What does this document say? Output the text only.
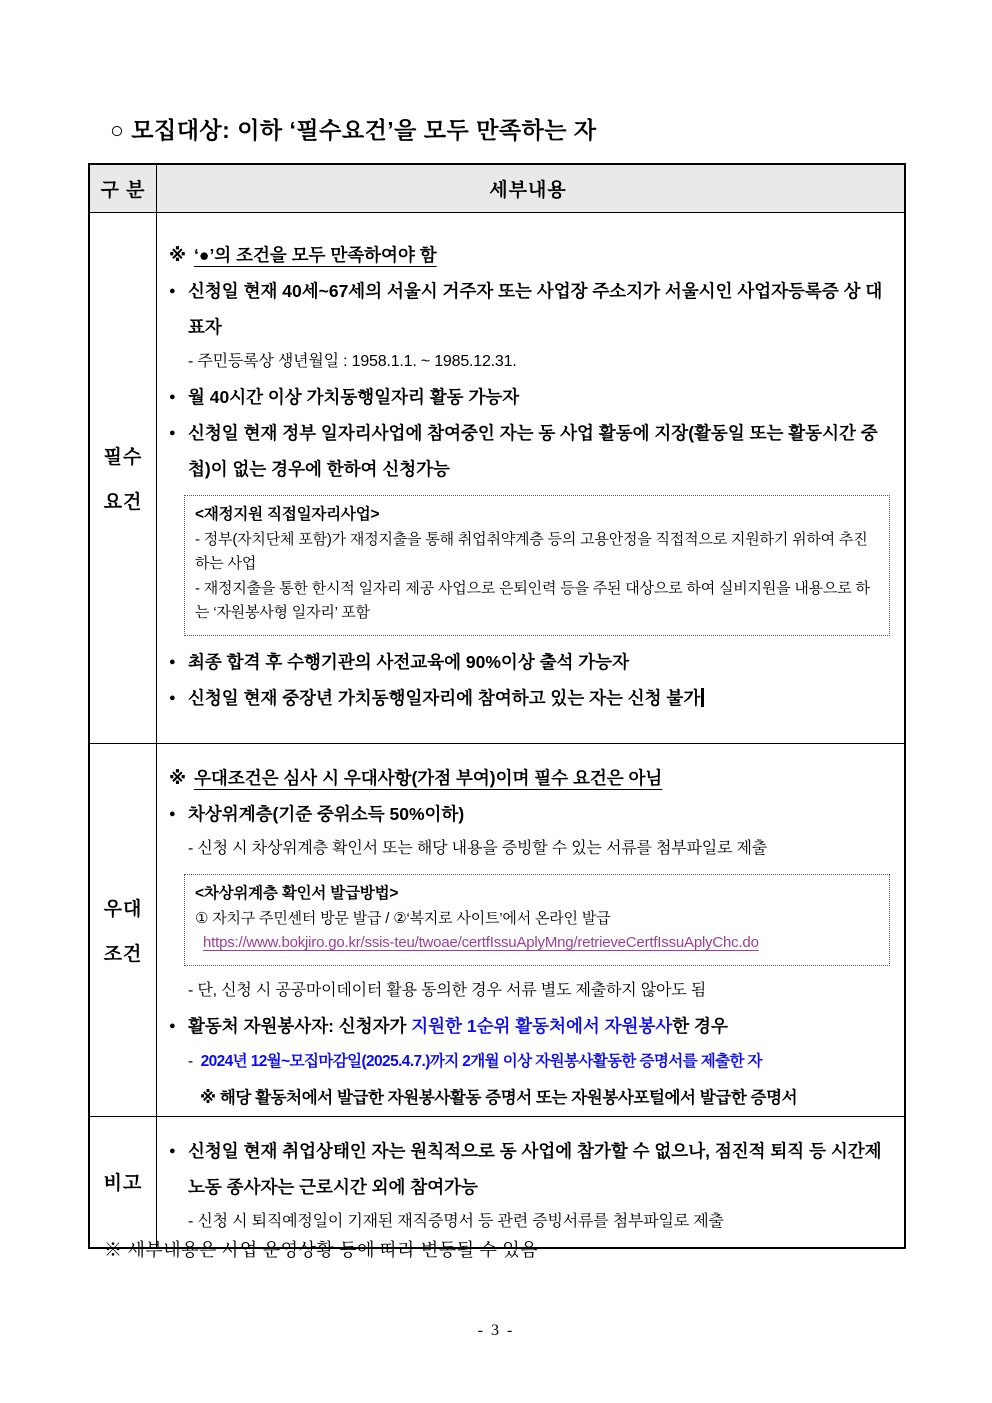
○ 모집대상: 이하 ‘필수요건’을 모두 만족하는 자
구 분	세부내용
필수
요건
※ ‘●’의 조건을 모두 만족하여야 함
● 신청일 현재 40세~67세의 서울시 거주자 또는 사업장 주소지가 서울시인 사업자등록증 상 대표자
- 주민등록상 생년월일 : 1958.1.1. ~ 1985.12.31.
● 월 40시간 이상 가치동행일자리 활동 가능자
● 신청일 현재 정부 일자리사업에 참여중인 자는 동 사업 활동에 지장(활동일 또는 활동시간 중첩)이 없는 경우에 한하여 신청가능
<재정지원 직접일자리사업>
- 정부(자치단체 포함)가 재정지출을 통해 취업취약계층 등의 고용안정을 직접적으로 지원하기 위하여 추진하는 사업
- 재정지출을 통한 한시적 일자리 제공 사업으로 은퇴인력 등을 주된 대상으로 하여 실비지원을 내용으로 하는 ‘자원봉사형 일자리’ 포함
● 최종 합격 후 수행기관의 사전교육에 90%이상 출석 가능자
● 신청일 현재 중장년 가치동행일자리에 참여하고 있는 자는 신청 불가
우대
조건
※ 우대조건은 심사 시 우대사항(가점 부여)이며 필수 요건은 아님
● 차상위계층(기준 중위소득 50%이하)
- 신청 시 차상위계층 확인서 또는 해당 내용을 증빙할 수 있는 서류를 첨부파일로 제출
<차상위계층 확인서 발급방법>
① 자치구 주민센터 방문 발급 / ②‘복지로 사이트’에서 온라인 발급
https://www.bokjiro.go.kr/ssis-teu/twoae/certfIssuAplyMng/retrieveCertfIssuAplyChc.do
- 단, 신청 시 공공마이데이터 활용 동의한 경우 서류 별도 제출하지 않아도 됨
● 활동처 자원봉사자: 신청자가 지원한 1순위 활동처에서 자원봉사한 경우
- 2024년 12월~모집마감일(2025.4.7.)까지 2개월 이상 자원봉사활동한 증명서를 제출한 자
※ 해당 활동처에서 발급한 자원봉사활동 증명서 또는 자원봉사포털에서 발급한 증명서
비고
● 신청일 현재 취업상태인 자는 원칙적으로 동 사업에 참가할 수 없으나, 점진적 퇴직 등 시간제 노동 종사자는 근로시간 외에 참여가능
- 신청 시 퇴직예정일이 기재된 재직증명서 등 관련 증빙서류를 첨부파일로 제출
※ 세부내용은 사업 운영상황 등에 따라 변동될 수 있음
- 3 -
